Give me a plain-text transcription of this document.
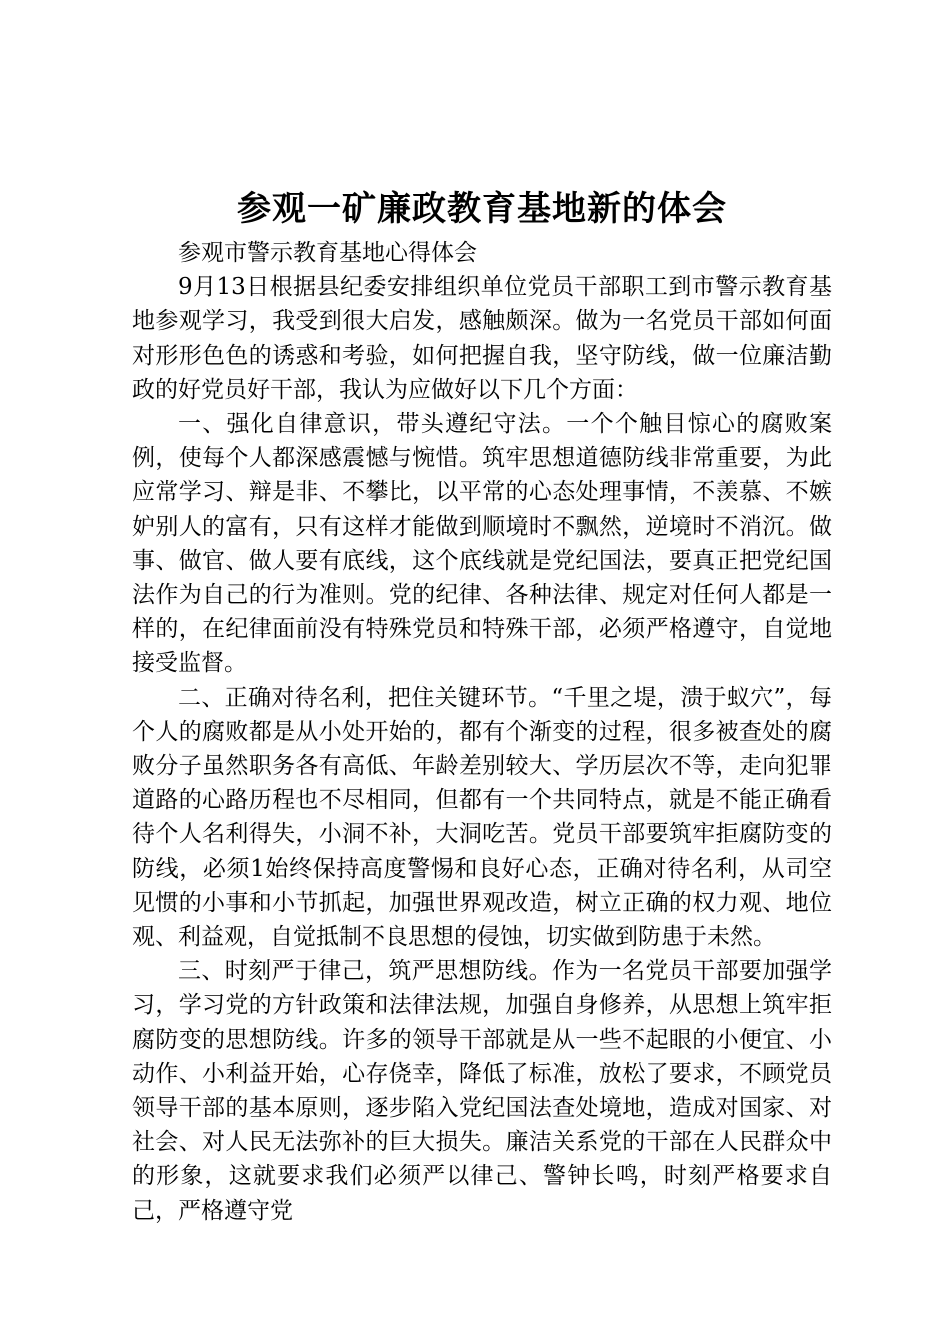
参观一矿廉政教育基地新的体会

参观市警示教育基地心得体会

9月13日根据县纪委安排组织单位党员干部职工到市警示教育基地参观学习，我受到很大启发，感触颇深。做为一名党员干部如何面对形形色色的诱惑和考验，如何把握自我，坚守防线，做一位廉洁勤政的好党员好干部，我认为应做好以下几个方面：

一、强化自律意识，带头遵纪守法。一个个触目惊心的腐败案例，使每个人都深感震憾与惋惜。筑牢思想道德防线非常重要，为此应常学习、辩是非、不攀比，以平常的心态处理事情，不羡慕、不嫉妒别人的富有，只有这样才能做到顺境时不飘然，逆境时不消沉。做事、做官、做人要有底线，这个底线就是党纪国法，要真正把党纪国法作为自己的行为准则。党的纪律、各种法律、规定对任何人都是一样的，在纪律面前没有特殊党员和特殊干部，必须严格遵守，自觉地接受监督。

二、正确对待名利，把住关键环节。“千里之堤，溃于蚁穴”，每个人的腐败都是从小处开始的，都有个渐变的过程，很多被查处的腐败分子虽然职务各有高低、年龄差别较大、学历层次不等，走向犯罪道路的心路历程也不尽相同，但都有一个共同特点，就是不能正确看待个人名利得失，小洞不补，大洞吃苦。党员干部要筑牢拒腐防变的防线，必须1始终保持高度警惕和良好心态，正确对待名利，从司空见惯的小事和小节抓起，加强世界观改造，树立正确的权力观、地位观、利益观，自觉抵制不良思想的侵蚀，切实做到防患于未然。

三、时刻严于律己，筑严思想防线。作为一名党员干部要加强学习，学习党的方针政策和法律法规，加强自身修养，从思想上筑牢拒腐防变的思想防线。许多的领导干部就是从一些不起眼的小便宜、小动作、小利益开始，心存侥幸，降低了标准，放松了要求，不顾党员领导干部的基本原则，逐步陷入党纪国法查处境地，造成对国家、对社会、对人民无法弥补的巨大损失。廉洁关系党的干部在人民群众中的形象，这就要求我们必须严以律己、警钟长鸣，时刻严格要求自己，严格遵守党
